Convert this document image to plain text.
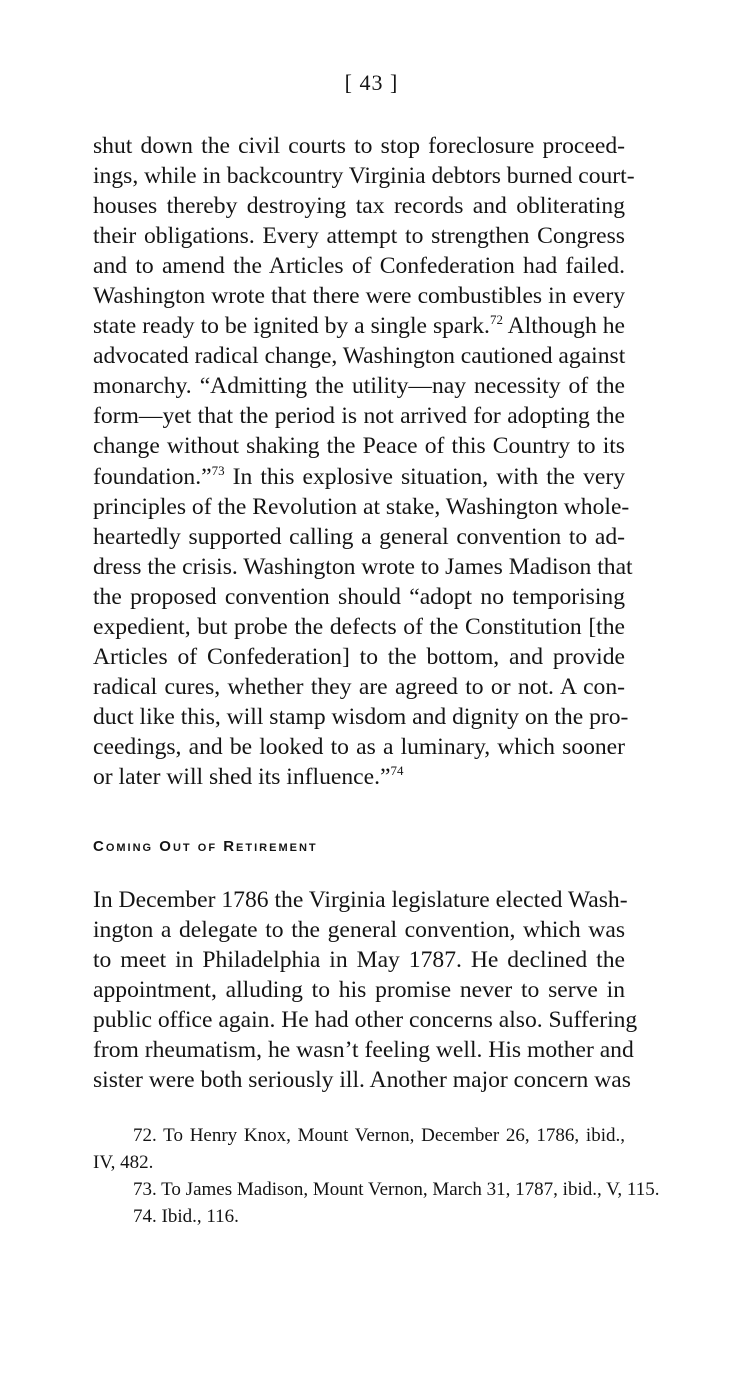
[ 43 ]
shut down the civil courts to stop foreclosure proceed-
ings, while in backcountry Virginia debtors burned court-
houses thereby destroying tax records and obliterating
their obligations. Every attempt to strengthen Congress
and to amend the Articles of Confederation had failed.
Washington wrote that there were combustibles in every
state ready to be ignited by a single spark.$^{72}$ Although he
advocated radical change, Washington cautioned against
monarchy. “Admitting the utility—nay necessity of the
form—yet that the period is not arrived for adopting the
change without shaking the Peace of this Country to its
foundation.”$^{73}$ In this explosive situation, with the very
principles of the Revolution at stake, Washington whole-
heartedly supported calling a general convention to ad-
dress the crisis. Washington wrote to James Madison that
the proposed convention should “adopt no temporising
expedient, but probe the defects of the Constitution [the
Articles of Confederation] to the bottom, and provide
radical cures, whether they are agreed to or not. A con-
duct like this, will stamp wisdom and dignity on the pro-
ceedings, and be looked to as a luminary, which sooner
or later will shed its influence.”$^{74}$
Coming Out of Retirement
In December 1786 the Virginia legislature elected Wash-
ington a delegate to the general convention, which was
to meet in Philadelphia in May 1787. He declined the
appointment, alluding to his promise never to serve in
public office again. He had other concerns also. Suffering
from rheumatism, he wasn’t feeling well. His mother and
sister were both seriously ill. Another major concern was
72. To Henry Knox, Mount Vernon, December 26, 1786, ibid.,
IV, 482.
73. To James Madison, Mount Vernon, March 31, 1787, ibid., V, 115.
74. Ibid., 116.
